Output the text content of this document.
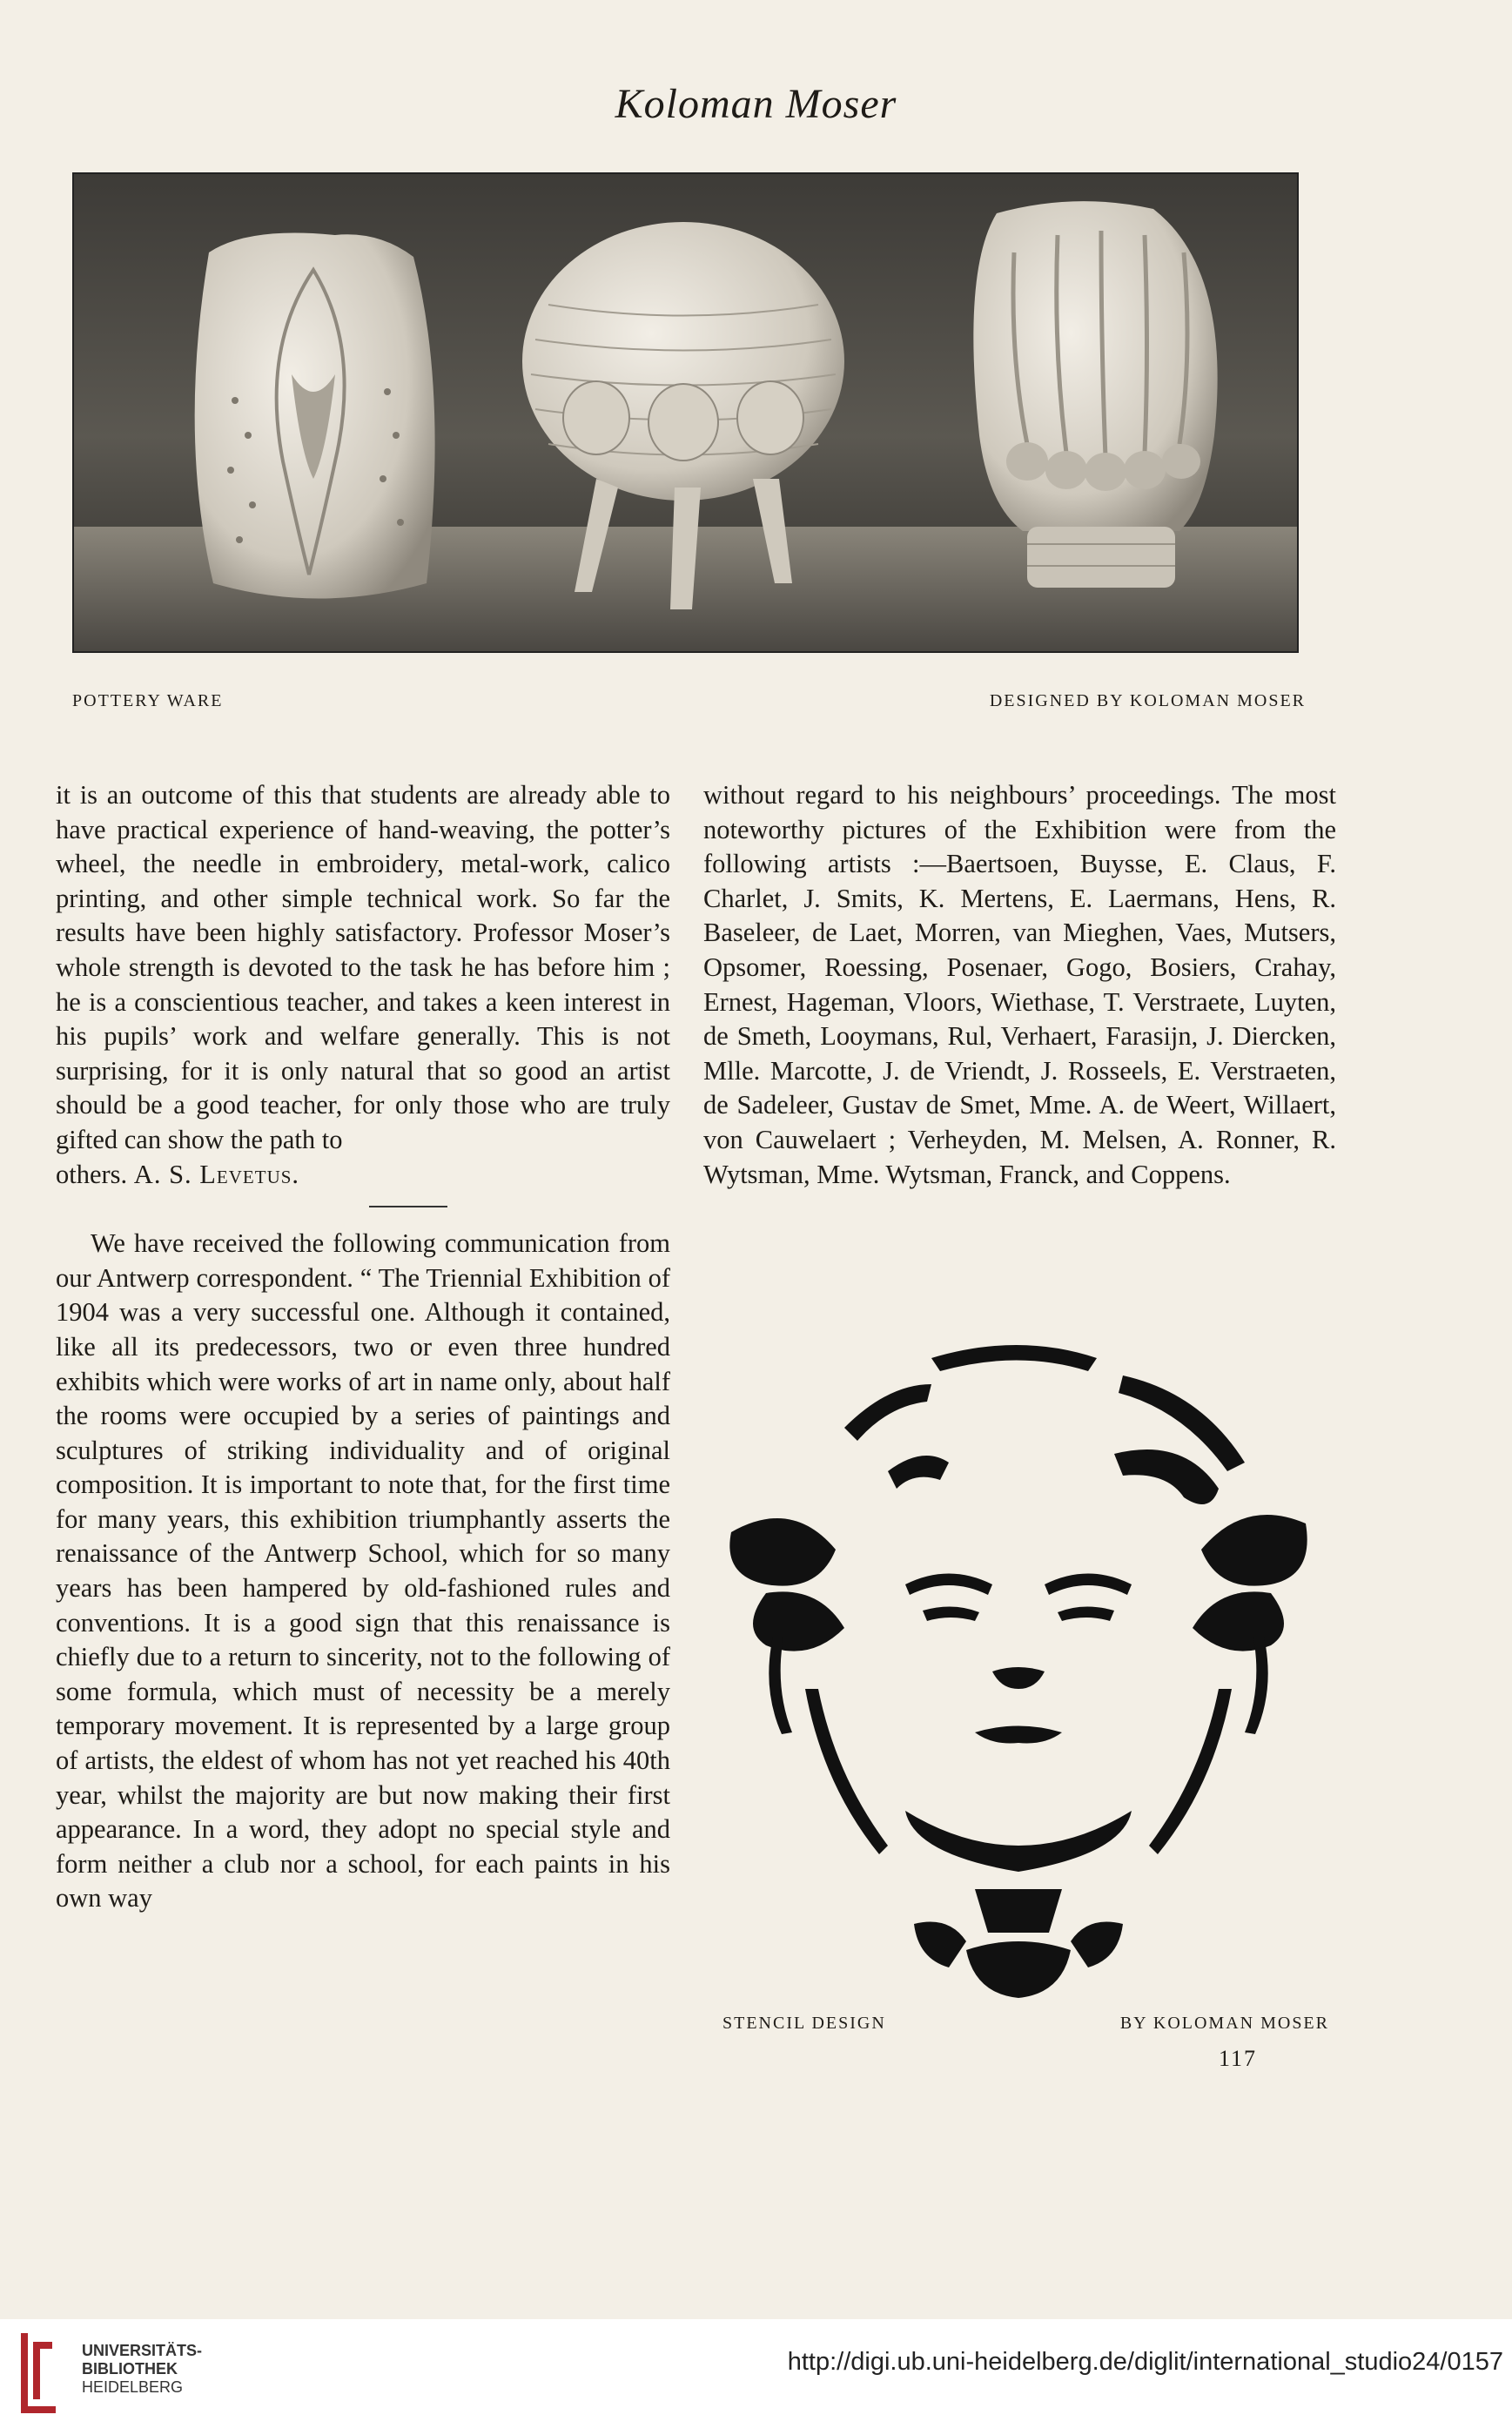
Koloman Moser
POTTERY WARE	DESIGNED BY KOLOMAN MOSER

it is an outcome of this that students are already able to have practical experience of hand-weaving, the potter’s wheel, the needle in embroidery, metal-work, calico printing, and other simple technical work. So far the results have been highly satisfactory. Professor Moser’s whole strength is devoted to the task he has before him ; he is a conscientious teacher, and takes a keen interest in his pupils’ work and welfare generally. This is not surprising, for it is only natural that so good an artist should be a good teacher, for only those who are truly gifted can show the path to

others. A. S. Levetus.

We have received the following communication from our Antwerp correspondent. “ The Triennial Exhibition of 1904 was a very successful one. Although it contained, like all its predecessors, two or even three hundred exhibits which were works of art in name only, about half the rooms were occupied by a series of paintings and sculptures of striking individuality and of original composition. It is important to note that, for the first time for many years, this exhibition triumphantly asserts the renaissance of the Antwerp School, which for so many years has been hampered by old-fashioned rules and conventions. It is a good sign that this renaissance is chiefly due to a return to sincerity, not to the following of some formula, which must of necessity be a merely temporary movement. It is represented by a large group of artists, the eldest of whom has not yet reached his 40th year, whilst the majority are but now making their first appearance. In a word, they adopt no special style and form neither a club nor a school, for each paints in his own way

without regard to his neighbours’ proceedings. The most noteworthy pictures of the Exhibition were from the following artists :—Baertsoen, Buysse, E. Claus, F. Charlet, J. Smits, K. Mertens, E. Laermans, Hens, R. Baseleer, de Laet, Morren, van Mieghen, Vaes, Mutsers, Opsomer, Roessing, Posenaer, Gogo, Bosiers, Crahay, Ernest, Hageman, Vloors, Wiethase, T. Verstraete, Luyten, de Smeth, Looymans, Rul, Verhaert, Farasijn, J. Diercken, Mlle. Marcotte, J. de Vriendt, J. Rosseels, E. Verstraeten, de Sadeleer, Gustav de Smet, Mme. A. de Weert, Willaert, von Cauwelaert ; Verheyden, M. Melsen, A. Ronner, R. Wytsman, Mme. Wytsman, Franck, and Coppens.

STENCIL DESIGN	BY KOLOMAN MOSER
117
UNIVERSITÄTS-
BIBLIOTHEK
HEIDELBERG
http://digi.ub.uni-heidelberg.de/diglit/international_studio24/0157
